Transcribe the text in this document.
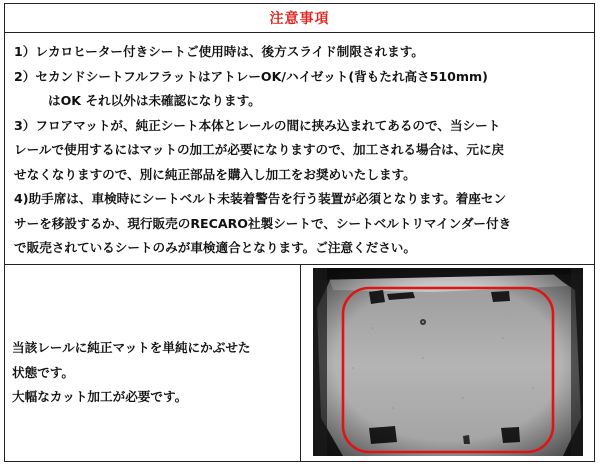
注意事項
1）レカロヒーター付きシートご使用時は、後方スライド制限されます。
2）セカンドシートフルフラットはアトレーOK/ハイゼット(背もたれ高さ510mm)
はOK それ以外は未確認になります。
3）フロアマットが、純正シート本体とレールの間に挟み込まれてあるので、当シート
レールで使用するにはマットの加工が必要になりますので、加工される場合は、元に戻
せなくなりますので、別に純正部品を購入し加工をお奨めいたします。
4)助手席は、車検時にシートベルト未装着警告を行う装置が必須となります。着座セン
サーを移設するか、現行販売のRECARO社製シートで、シートベルトリマインダー付き
で販売されているシートのみが車検適合となります。ご注意ください。
当該レールに純正マットを単純にかぶせた
状態です。
大幅なカット加工が必要です。
